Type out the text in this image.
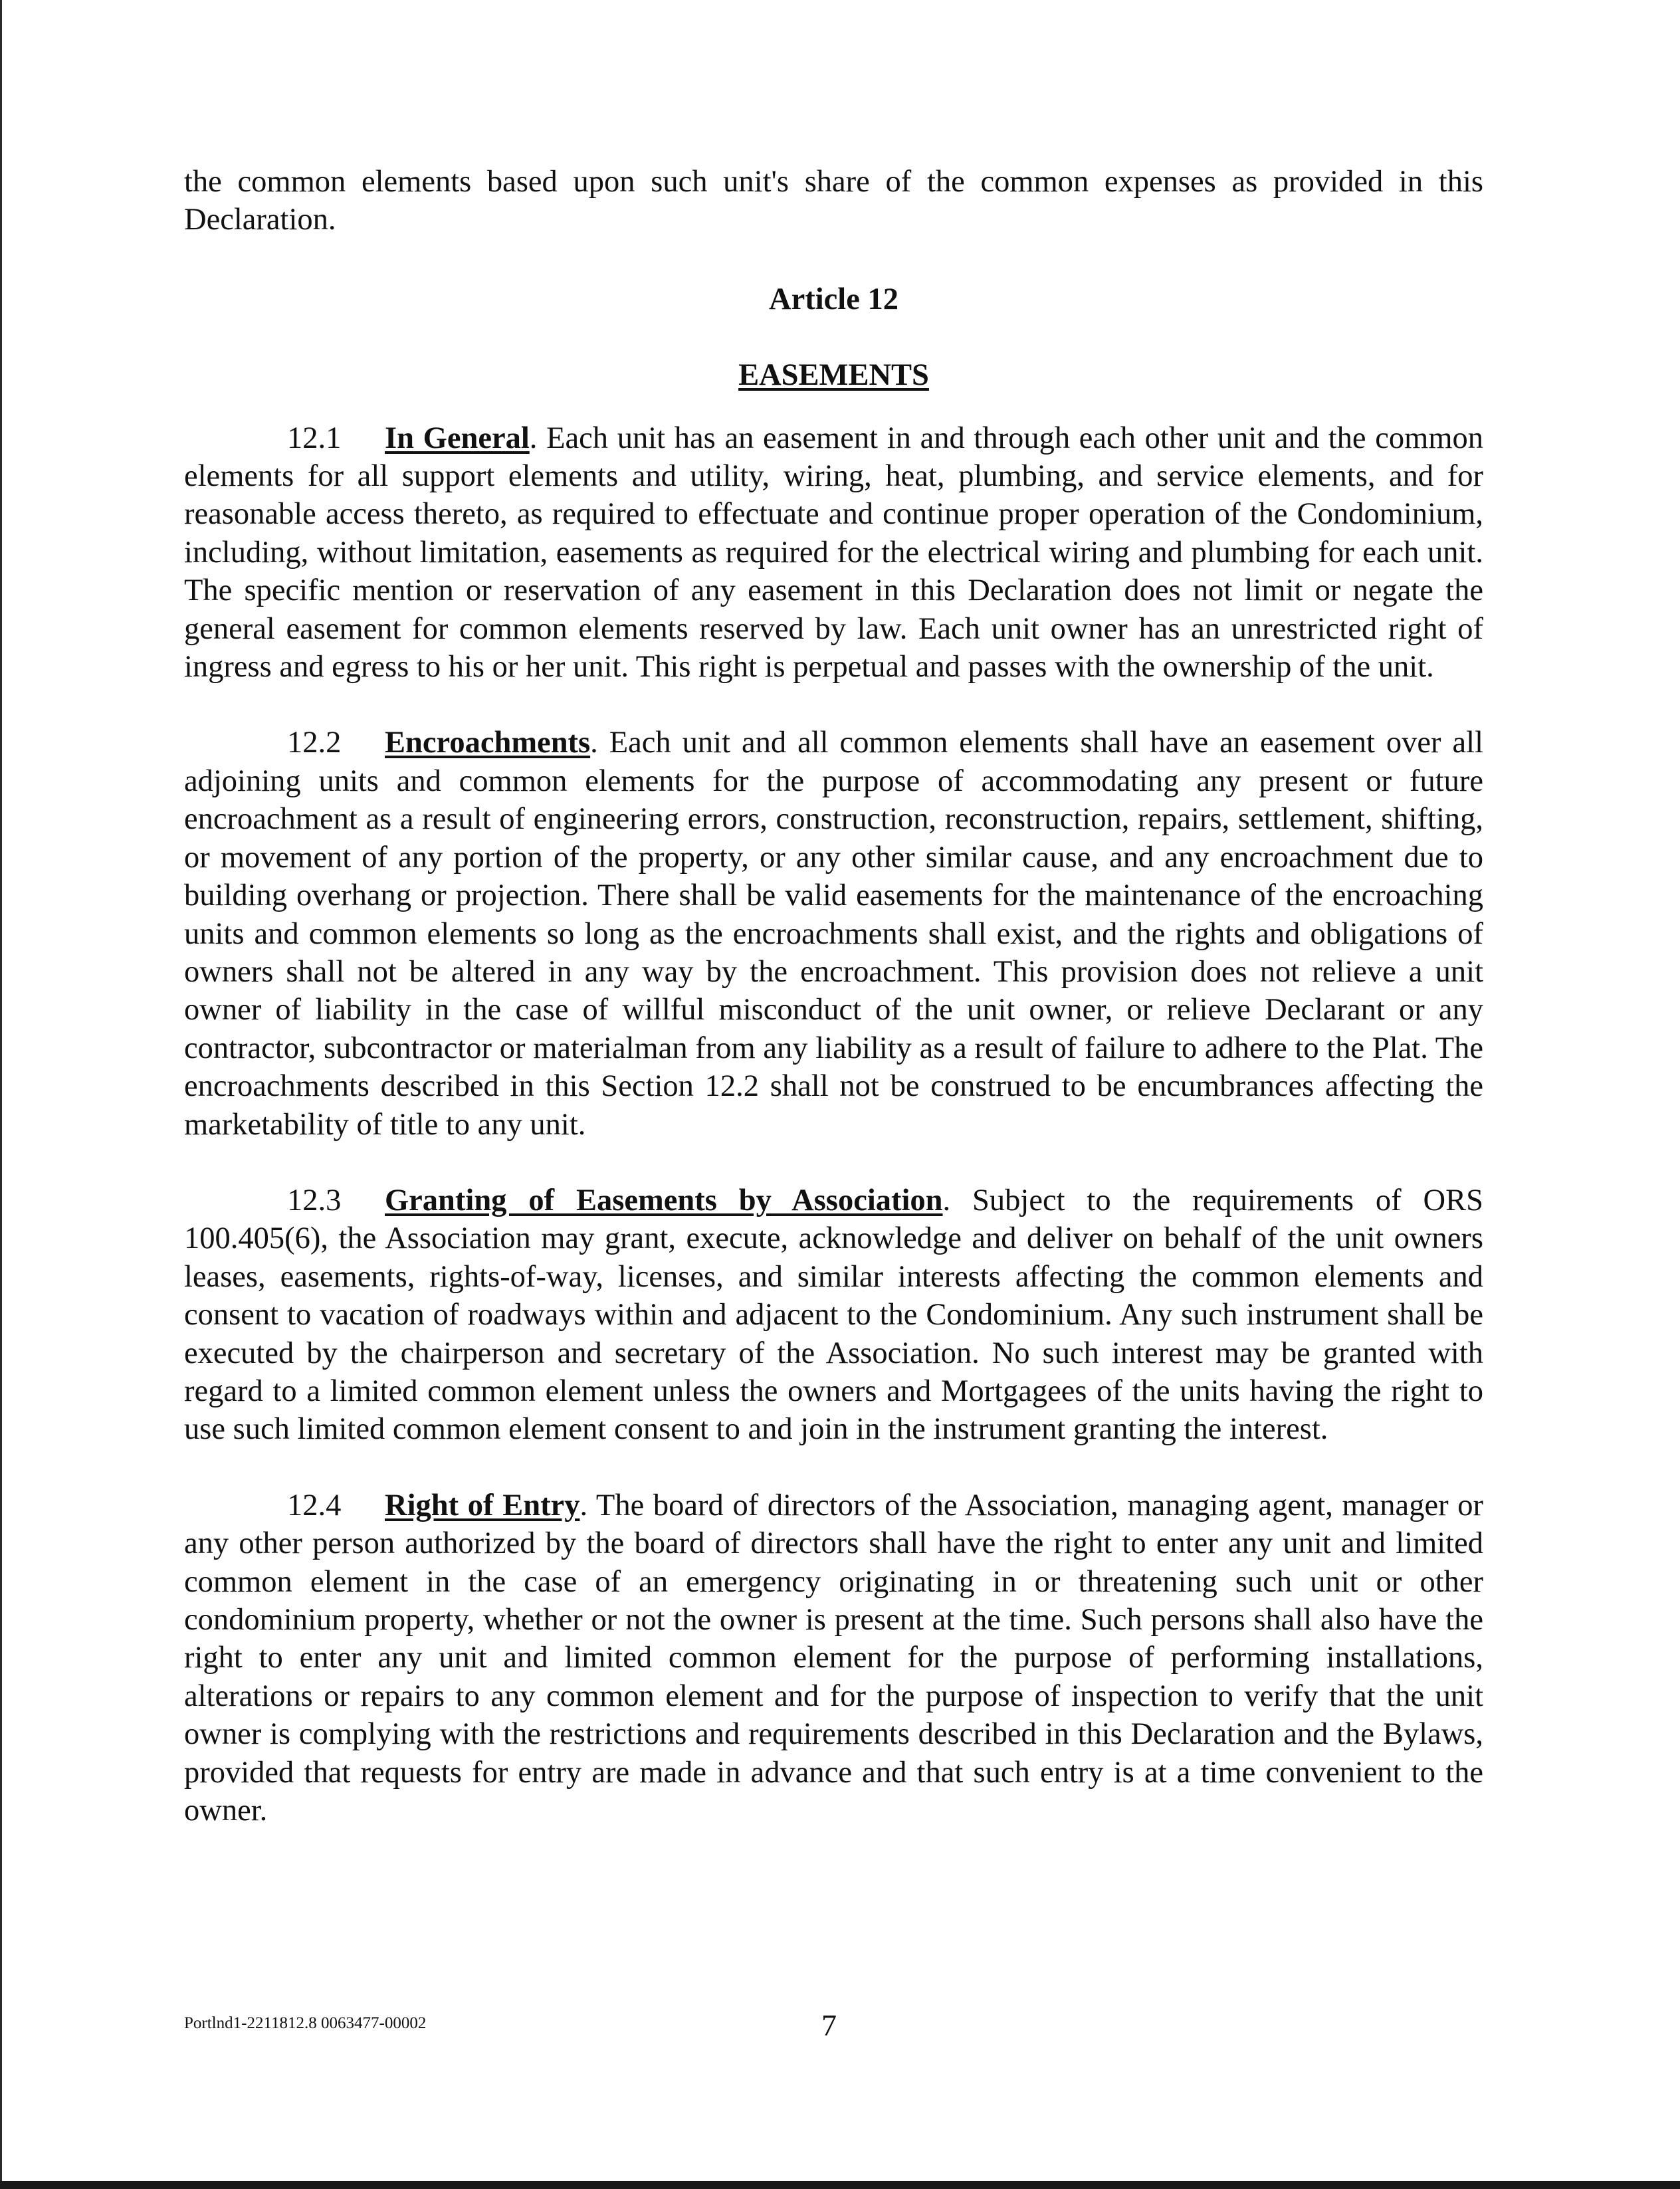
the common elements based upon such unit's share of the common expenses as provided in this Declaration.

Article 12
EASEMENTS

12.1 In General. Each unit has an easement in and through each other unit and the common elements for all support elements and utility, wiring, heat, plumbing, and service elements, and for reasonable access thereto, as required to effectuate and continue proper operation of the Condominium, including, without limitation, easements as required for the electrical wiring and plumbing for each unit. The specific mention or reservation of any easement in this Declaration does not limit or negate the general easement for common elements reserved by law. Each unit owner has an unrestricted right of ingress and egress to his or her unit. This right is perpetual and passes with the ownership of the unit.

12.2 Encroachments. Each unit and all common elements shall have an easement over all adjoining units and common elements for the purpose of accommodating any present or future encroachment as a result of engineering errors, construction, reconstruction, repairs, settlement, shifting, or movement of any portion of the property, or any other similar cause, and any encroachment due to building overhang or projection. There shall be valid easements for the maintenance of the encroaching units and common elements so long as the encroachments shall exist, and the rights and obligations of owners shall not be altered in any way by the encroachment. This provision does not relieve a unit owner of liability in the case of willful misconduct of the unit owner, or relieve Declarant or any contractor, subcontractor or materialman from any liability as a result of failure to adhere to the Plat. The encroachments described in this Section 12.2 shall not be construed to be encumbrances affecting the marketability of title to any unit.

12.3 Granting of Easements by Association. Subject to the requirements of ORS 100.405(6), the Association may grant, execute, acknowledge and deliver on behalf of the unit owners leases, easements, rights-of-way, licenses, and similar interests affecting the common elements and consent to vacation of roadways within and adjacent to the Condominium. Any such instrument shall be executed by the chairperson and secretary of the Association. No such interest may be granted with regard to a limited common element unless the owners and Mortgagees of the units having the right to use such limited common element consent to and join in the instrument granting the interest.

12.4 Right of Entry. The board of directors of the Association, managing agent, manager or any other person authorized by the board of directors shall have the right to enter any unit and limited common element in the case of an emergency originating in or threatening such unit or other condominium property, whether or not the owner is present at the time. Such persons shall also have the right to enter any unit and limited common element for the purpose of performing installations, alterations or repairs to any common element and for the purpose of inspection to verify that the unit owner is complying with the restrictions and requirements described in this Declaration and the Bylaws, provided that requests for entry are made in advance and that such entry is at a time convenient to the owner.

Portlnd1-2211812.8 0063477-00002	7
